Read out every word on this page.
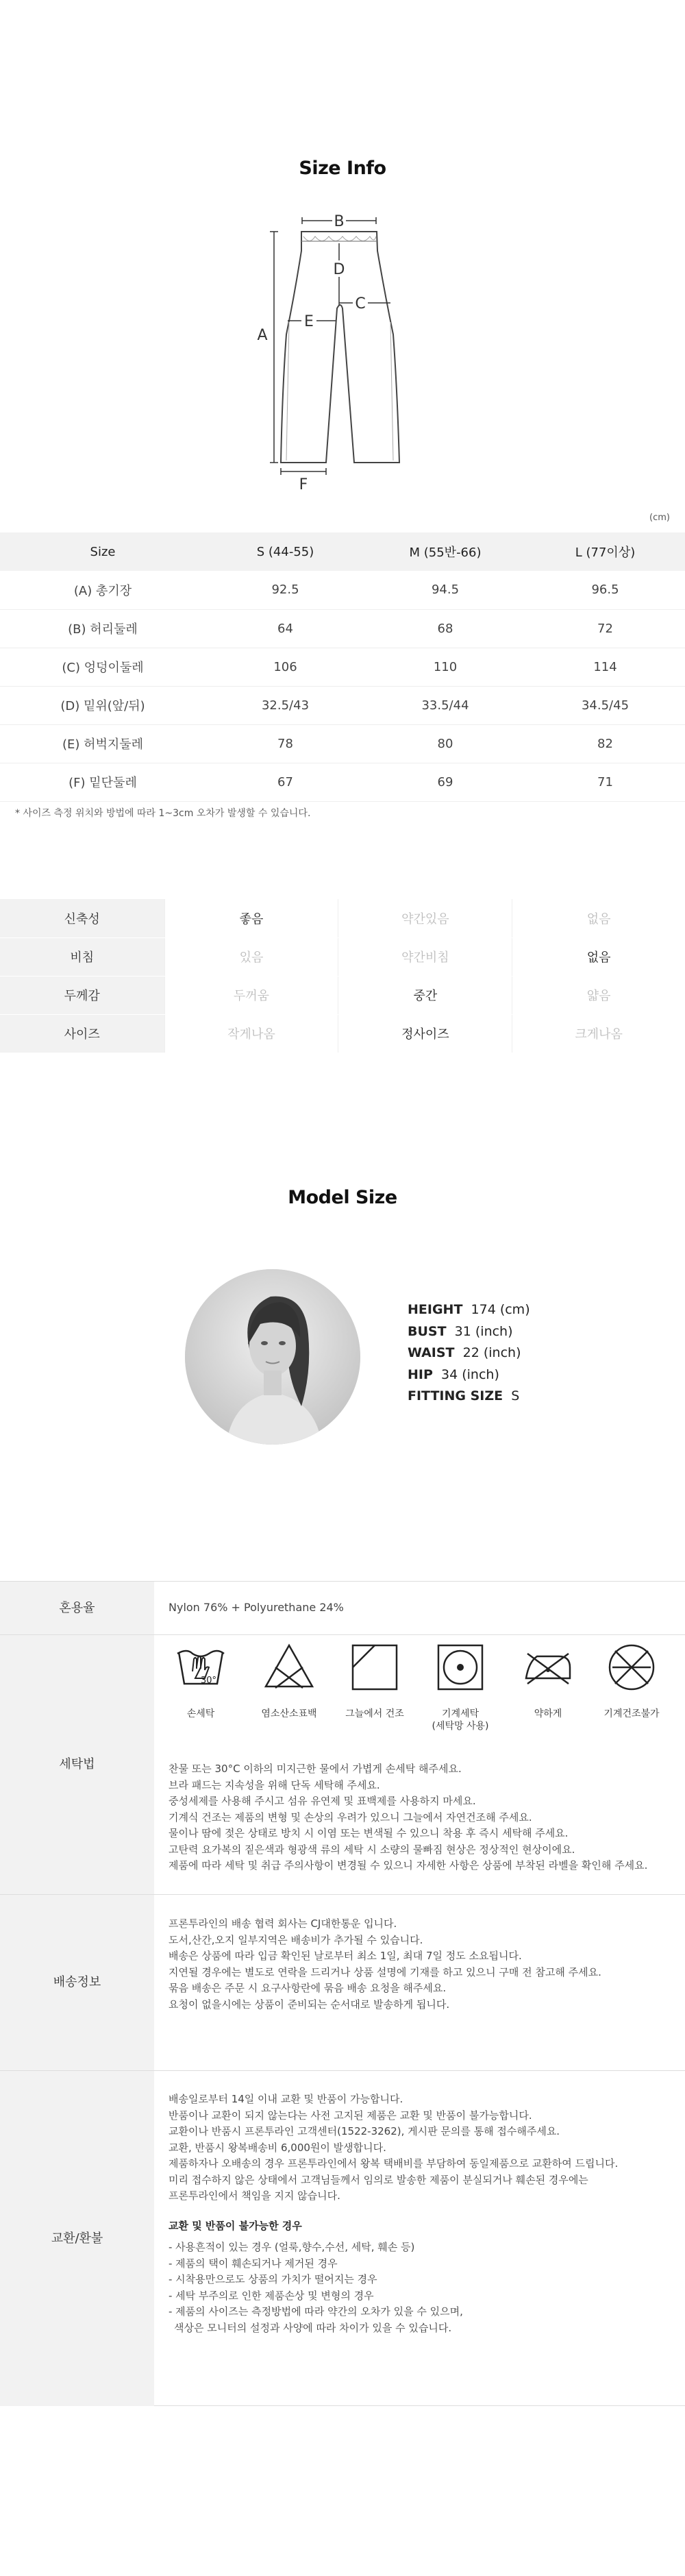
Size Info
B
D
C
E
A
F
(cm)
Size	S (44-55)	M (55반-66)	L (77이상)
(A) 총기장	92.5	94.5	96.5
(B) 허리둘레	64	68	72
(C) 엉덩이둘레	106	110	114
(D) 밑위(앞/뒤)	32.5/43	33.5/44	34.5/45
(E) 허벅지둘레	78	80	82
(F) 밑단둘레	67	69	71
* 사이즈 측정 위치와 방법에 따라 1~3cm 오차가 발생할 수 있습니다.
신축성	좋음	약간있음	없음
비침	있음	약간비침	없음
두께감	두꺼움	중간	얇음
사이즈	작게나옴	정사이즈	크게나옴
Model Size
HEIGHT 174 (cm)
BUST 31 (inch)
WAIST 22 (inch)
HIP 34 (inch)
FITTING SIZE S
혼용율	Nylon 76% + Polyurethane 24%
세탁법
30°
손세탁	염소산소표백	그늘에서 건조	기계세탁
(세탁망 사용)
약하게	기계건조불가
찬물 또는 30°C 이하의 미지근한 물에서 가볍게 손세탁 해주세요.
브라 패드는 지속성을 위해 단독 세탁해 주세요.
중성세제를 사용해 주시고 섬유 유연제 및 표백제를 사용하지 마세요.
기계식 건조는 제품의 변형 및 손상의 우려가 있으니 그늘에서 자연건조해 주세요.
물이나 땀에 젖은 상태로 방치 시 이염 또는 변색될 수 있으니 착용 후 즉시 세탁해 주세요.
고탄력 요가복의 짙은색과 형광색 류의 세탁 시 소량의 물빠짐 현상은 정상적인 현상이에요.
제품에 따라 세탁 및 취급 주의사항이 변경될 수 있으니 자세한 사항은 상품에 부착된 라벨을 확인해 주세요.
배송정보
프론투라인의 배송 협력 회사는 CJ대한통운 입니다.
도서,산간,오지 일부지역은 배송비가 추가될 수 있습니다.
배송은 상품에 따라 입금 확인된 날로부터 최소 1일, 최대 7일 정도 소요됩니다.
지연될 경우에는 별도로 연락을 드리거나 상품 설명에 기재를 하고 있으니 구매 전 참고해 주세요.
묶음 배송은 주문 시 요구사항란에 묶음 배송 요청을 해주세요.
요청이 없을시에는 상품이 준비되는 순서대로 발송하게 됩니다.
교환/환불
배송일로부터 14일 이내 교환 및 반품이 가능합니다.
반품이나 교환이 되지 않는다는 사전 고지된 제품은 교환 및 반품이 불가능합니다.
교환이나 반품시 프론투라인 고객센터(1522-3262), 게시판 문의를 통해 접수해주세요.
교환, 반품시 왕복배송비 6,000원이 발생합니다.
제품하자나 오배송의 경우 프론투라인에서 왕복 택배비를 부담하여 동일제품으로 교환하여 드립니다.
미리 접수하지 않은 상태에서 고객님들께서 임의로 발송한 제품이 분실되거나 훼손된 경우에는
프론투라인에서 책임을 지지 않습니다.
교환 및 반품이 불가능한 경우
- 사용흔적이 있는 경우 (얼룩,향수,수선, 세탁, 훼손 등)
- 제품의 택이 훼손되거나 제거된 경우
- 시착용만으로도 상품의 가치가 떨어지는 경우
- 세탁 부주의로 인한 제품손상 및 변형의 경우
- 제품의 사이즈는 측정방법에 따라 약간의 오차가 있을 수 있으며,
색상은 모니터의 설정과 사양에 따라 차이가 있을 수 있습니다.
